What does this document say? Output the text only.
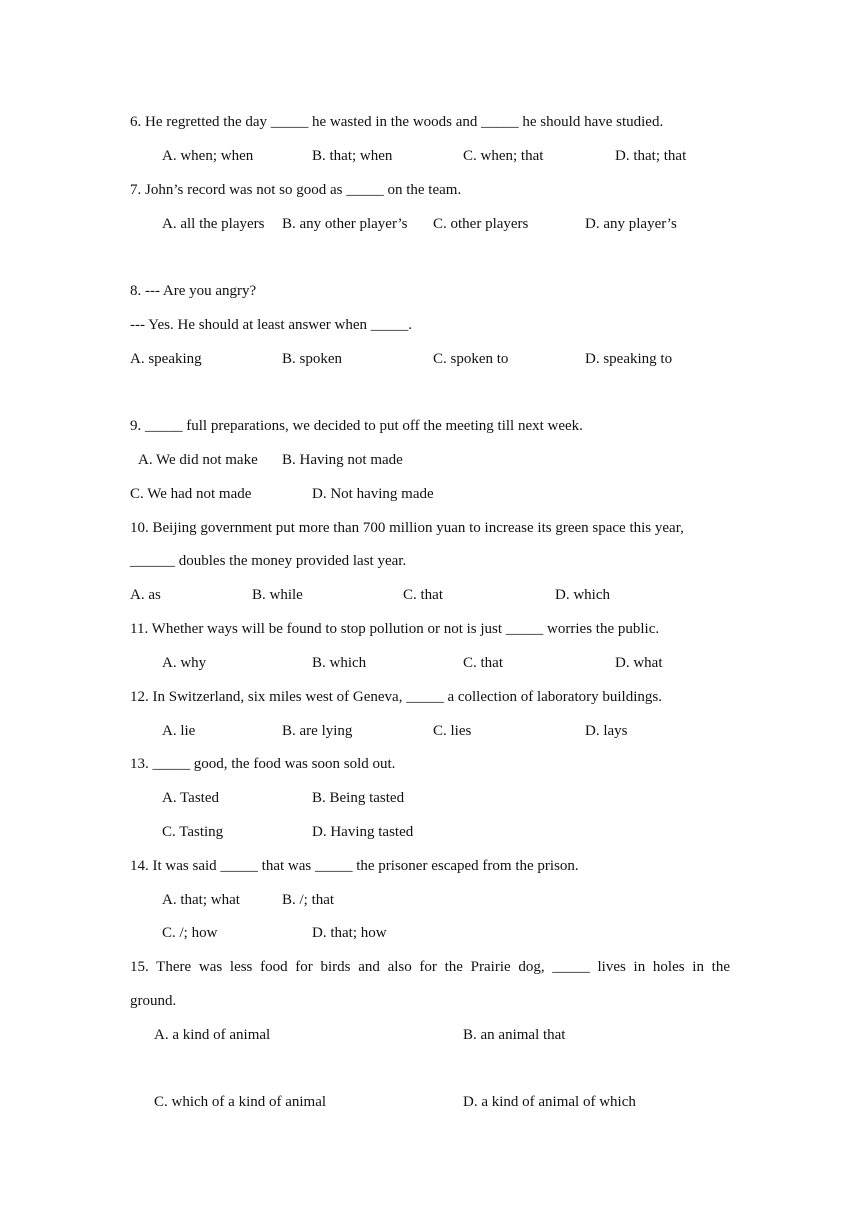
6. He regretted the day _____ he wasted in the woods and _____ he should have studied.
A. when; when	B. that; when	C. when; that	D. that; that
7. John’s record was not so good as _____ on the team.
A. all the players B. any other player’s C. other players	D. any player’s
8. --- Are you angry?
--- Yes. He should at least answer when _____.
A. speaking	B. spoken	C. spoken to	D. speaking to
9. _____ full preparations, we decided to put off the meeting till next week.
A. We did not make B. Having not made
C. We had not made	D. Not having made
10. Beijing government put more than 700 million yuan to increase its green space this year,
______ doubles the money provided last year.
A. as	B. while	C. that	D. which
11. Whether ways will be found to stop pollution or not is just _____ worries the public.
A. why	B. which	C. that	D. what
12. In Switzerland, six miles west of Geneva, _____ a collection of laboratory buildings.
A. lie	B. are lying	C. lies	D. lays
13. _____ good, the food was soon sold out.
A. Tasted	B. Being tasted
C. Tasting	D. Having tasted
14. It was said _____ that was _____ the prisoner escaped from the prison.
A. that; what	B. /; that
C. /; how	D. that; how
15. There was less food for birds and also for the Prairie dog, _____ lives in holes in the
ground.
A. a kind of animal	B. an animal that
C. which of a kind of animal	D. a kind of animal of which
